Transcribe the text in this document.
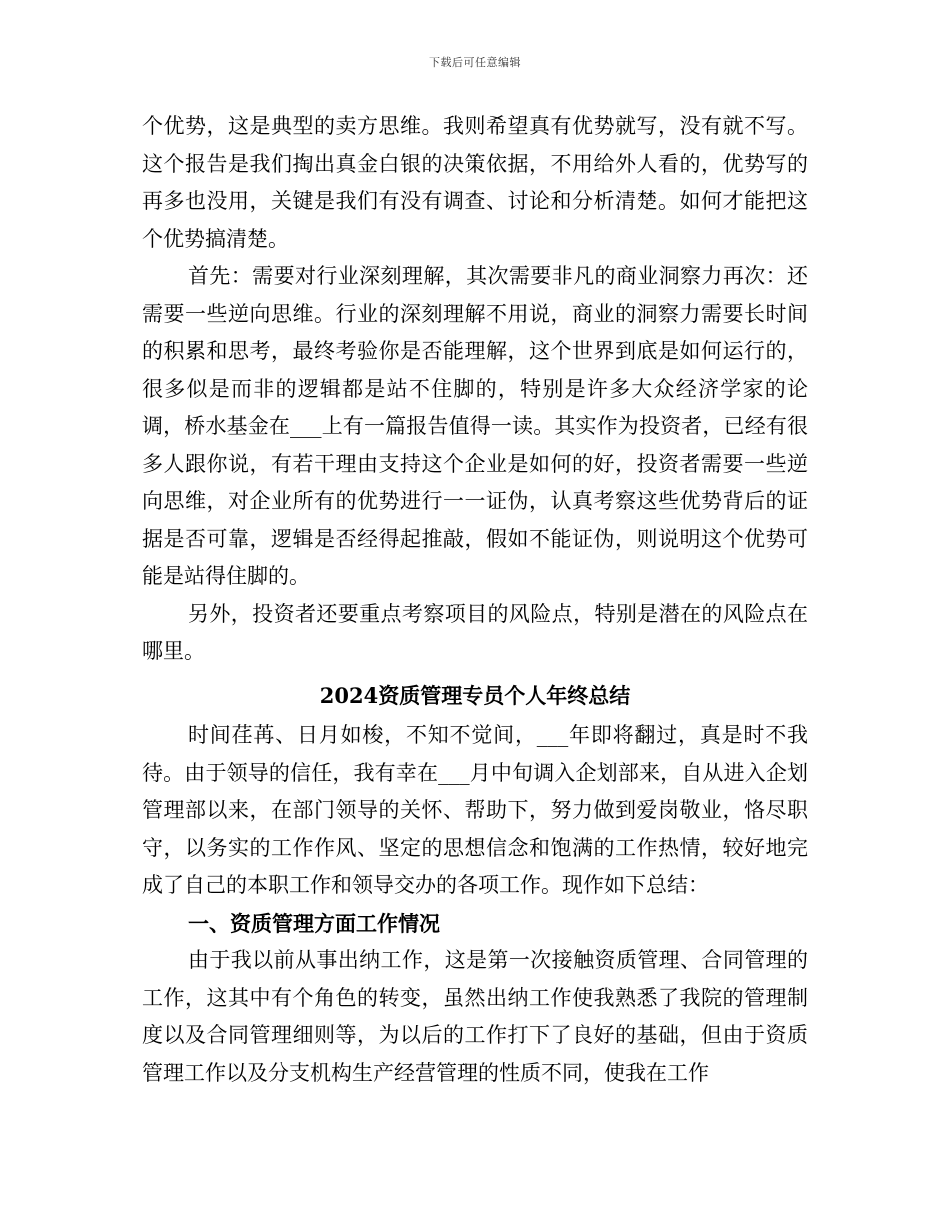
下载后可任意编辑

个优势，这是典型的卖方思维。我则希望真有优势就写，没有就不写。这个报告是我们掏出真金白银的决策依据，不用给外人看的，优势写的再多也没用，关键是我们有没有调查、讨论和分析清楚。如何才能把这个优势搞清楚。

首先：需要对行业深刻理解，其次需要非凡的商业洞察力再次：还需要一些逆向思维。行业的深刻理解不用说，商业的洞察力需要长时间的积累和思考，最终考验你是否能理解，这个世界到底是如何运行的，很多似是而非的逻辑都是站不住脚的，特别是许多大众经济学家的论调，桥水基金在___上有一篇报告值得一读。其实作为投资者，已经有很多人跟你说，有若干理由支持这个企业是如何的好，投资者需要一些逆向思维，对企业所有的优势进行一一证伪，认真考察这些优势背后的证据是否可靠，逻辑是否经得起推敲，假如不能证伪，则说明这个优势可能是站得住脚的。

另外，投资者还要重点考察项目的风险点，特别是潜在的风险点在哪里。

2024资质管理专员个人年终总结

时间荏苒、日月如梭，不知不觉间，___年即将翻过，真是时不我待。由于领导的信任，我有幸在___月中旬调入企划部来，自从进入企划管理部以来，在部门领导的关怀、帮助下，努力做到爱岗敬业，恪尽职守，以务实的工作作风、坚定的思想信念和饱满的工作热情，较好地完成了自己的本职工作和领导交办的各项工作。现作如下总结：

一、资质管理方面工作情况

由于我以前从事出纳工作，这是第一次接触资质管理、合同管理的工作，这其中有个角色的转变，虽然出纳工作使我熟悉了我院的管理制度以及合同管理细则等，为以后的工作打下了良好的基础，但由于资质管理工作以及分支机构生产经营管理的性质不同，使我在工作
